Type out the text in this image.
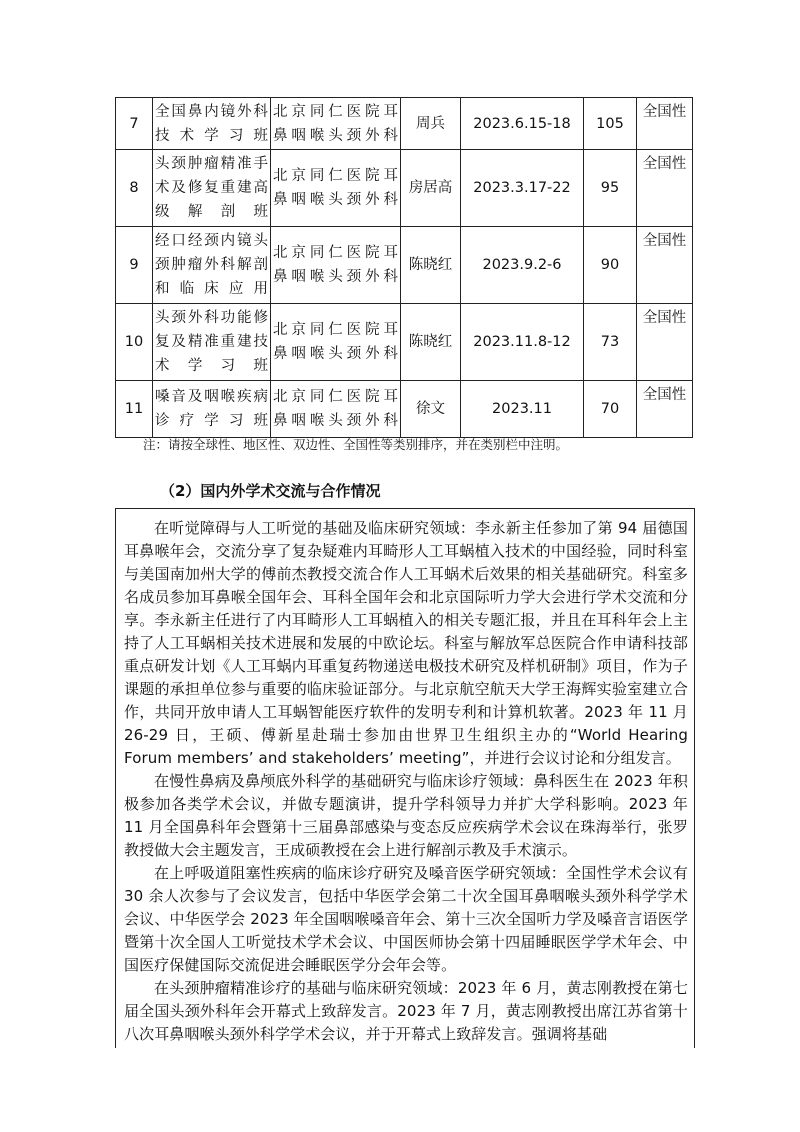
7	全国鼻内镜外科
技术学习班	北京同仁医院耳
鼻咽喉头颈外科	周兵	2023.6.15-18	105	全国性
8	头颈肿瘤精准手
术及修复重建高
级解剖班	北京同仁医院耳
鼻咽喉头颈外科	房居高	2023.3.17-22	95	全国性
9	经口经颈内镜头
颈肿瘤外科解剖
和临床应用	北京同仁医院耳
鼻咽喉头颈外科	陈晓红	2023.9.2-6	90	全国性
10	头颈外科功能修
复及精准重建技
术学习班	北京同仁医院耳
鼻咽喉头颈外科	陈晓红	2023.11.8-12	73	全国性
11	嗓音及咽喉疾病
诊疗学习班	北京同仁医院耳
鼻咽喉头颈外科	徐文	2023.11	70	全国性
注：请按全球性、地区性、双边性、全国性等类别排序，并在类别栏中注明。
（2）国内外学术交流与合作情况

在听觉障碍与人工听觉的基础及临床研究领域：李永新主任参加了第 94 届德国耳鼻喉年会，交流分享了复杂疑难内耳畸形人工耳蜗植入技术的中国经验，同时科室与美国南加州大学的傅前杰教授交流合作人工耳蜗术后效果的相关基础研究。科室多名成员参加耳鼻喉全国年会、耳科全国年会和北京国际听力学大会进行学术交流和分享。李永新主任进行了内耳畸形人工耳蜗植入的相关专题汇报，并且在耳科年会上主持了人工耳蜗相关技术进展和发展的中欧论坛。科室与解放军总医院合作申请科技部重点研发计划《人工耳蜗内耳重复药物递送电极技术研究及样机研制》项目，作为子课题的承担单位参与重要的临床验证部分。与北京航空航天大学王海辉实验室建立合作，共同开放申请人工耳蜗智能医疗软件的发明专利和计算机软著。2023 年 11 月 26-29 日，王硕、傅新星赴瑞士参加由世界卫生组织主办的“World Hearing Forum members’ and stakeholders’ meeting”，并进行会议讨论和分组发言。

在慢性鼻病及鼻颅底外科学的基础研究与临床诊疗领域：鼻科医生在 2023 年积极参加各类学术会议，并做专题演讲，提升学科领导力并扩大学科影响。2023 年 11 月全国鼻科年会暨第十三届鼻部感染与变态反应疾病学术会议在珠海举行，张罗教授做大会主题发言，王成硕教授在会上进行解剖示教及手术演示。

在上呼吸道阻塞性疾病的临床诊疗研究及嗓音医学研究领域：全国性学术会议有 30 余人次参与了会议发言，包括中华医学会第二十次全国耳鼻咽喉头颈外科学学术会议、中华医学会 2023 年全国咽喉嗓音年会、第十三次全国听力学及嗓音言语医学暨第十次全国人工听觉技术学术会议、中国医师协会第十四届睡眠医学学术年会、中国医疗保健国际交流促进会睡眠医学分会年会等。

在头颈肿瘤精准诊疗的基础与临床研究领域：2023 年 6 月，黄志刚教授在第七届全国头颈外科年会开幕式上致辞发言。2023 年 7 月，黄志刚教授出席江苏省第十八次耳鼻咽喉头颈外科学学术会议，并于开幕式上致辞发言。强调将基础
